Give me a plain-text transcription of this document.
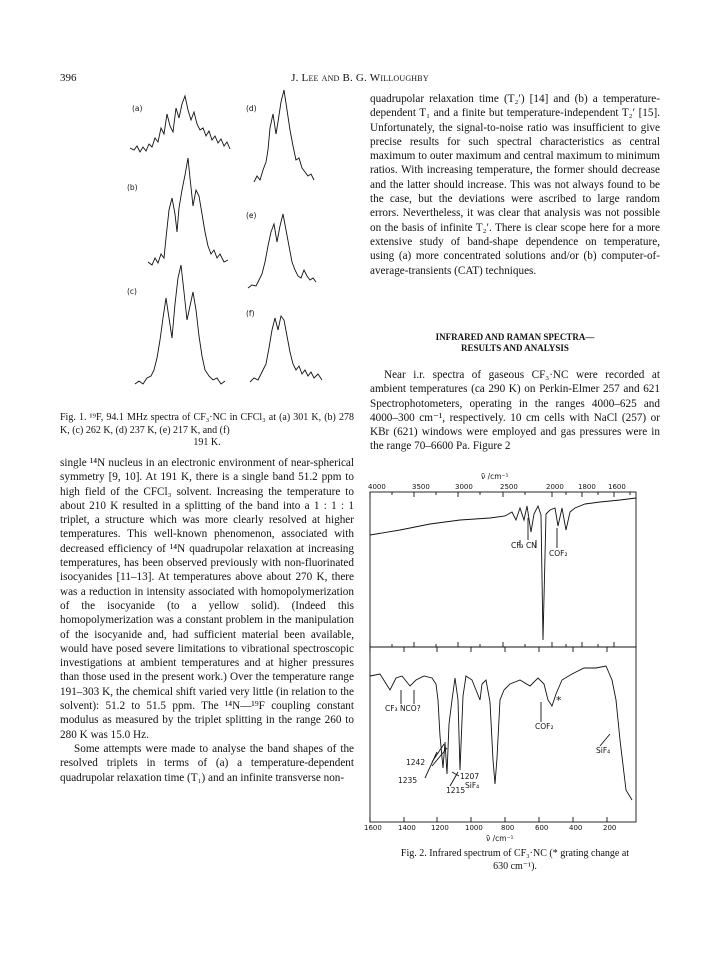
396	J. Lee and B. G. Willoughby
(a)
(b)
(c)
(d)
(e)
(f)
Fig. 1. ¹⁹F, 94.1 MHz spectra of CF₃·NC in CFCl₃ at (a) 301 K, (b) 278 K, (c) 262 K, (d) 237 K, (e) 217 K, and (f)
191 K.

single ¹⁴N nucleus in an electronic environment of near-spherical symmetry [9, 10]. At 191 K, there is a single band 51.2 ppm to high field of the CFCl₃ solvent. Increasing the temperature to about 210 K resulted in a splitting of the band into a 1 : 1 : 1 triplet, a structure which was more clearly resolved at higher temperatures. This well-known phenomenon, associated with decreased efficiency of ¹⁴N quadrupolar relaxation at increasing temperatures, has been observed previously with non-fluorinated isocyanides [11–13]. At temperatures above about 270 K, there was a reduction in intensity associated with homopolymerization of the isocyanide (to a yellow solid). (Indeed this homopolymerization was a constant problem in the manipulation of the isocyanide and, had sufficient material been available, would have posed severe limitations to vibrational spectroscopic investigations at ambient temperatures and at higher pressures than those used in the present work.) Over the temperature range 191–303 K, the chemical shift varied very little (in relation to the solvent): 51.2 to 51.5 ppm. The ¹⁴N—¹⁹F coupling constant modulus as measured by the triplet splitting in the range 260 to 280 K was 15.0 Hz.

Some attempts were made to analyse the band shapes of the resolved triplets in terms of (a) a temperature-dependent quadrupolar relaxation time (T₁) and an infinite transverse non-

quadrupolar relaxation time (T₂′) [14] and (b) a temperature-dependent T₁ and a finite but temperature-independent T₂′ [15]. Unfortunately, the signal-to-noise ratio was insufficient to give precise results for such spectral characteristics as central maximum to outer maximum and central maximum to minimum ratios. With increasing temperature, the former should decrease and the latter should increase. This was not always found to be the case, but the deviations were ascribed to large random errors. Nevertheless, it was clear that analysis was not possible on the basis of infinite T₂′. There is clear scope here for a more extensive study of band-shape dependence on temperature, using (a) more concentrated solutions and/or (b) computer-of-average-transients (CAT) techniques.

INFRARED AND RAMAN SPECTRA—
RESULTS AND ANALYSIS

Near i.r. spectra of gaseous CF₃·NC were recorded at ambient temperatures (ca 290 K) on Perkin-Elmer 257 and 621 Spectrophotometers, operating in the ranges 4000–625 and 4000–300 cm⁻¹, respectively. 10 cm cells with NaCl (257) or KBr (621) windows were employed and gas pressures were in the range 70–6600 Pa. Figure 2

ν̃ /cm⁻¹
4000	3500	3000	2500	2000 1800 1600
CF₃ CN
COF₂
CF₃ NCO?
*
COF₂
SiF₄
1207
1242
1215
SiF₄
1235
1600 1400 1200 1000	800	600	400	200
ν̃ /cm⁻¹
Fig. 2. Infrared spectrum of CF₃·NC (* grating change at
630 cm⁻¹).
